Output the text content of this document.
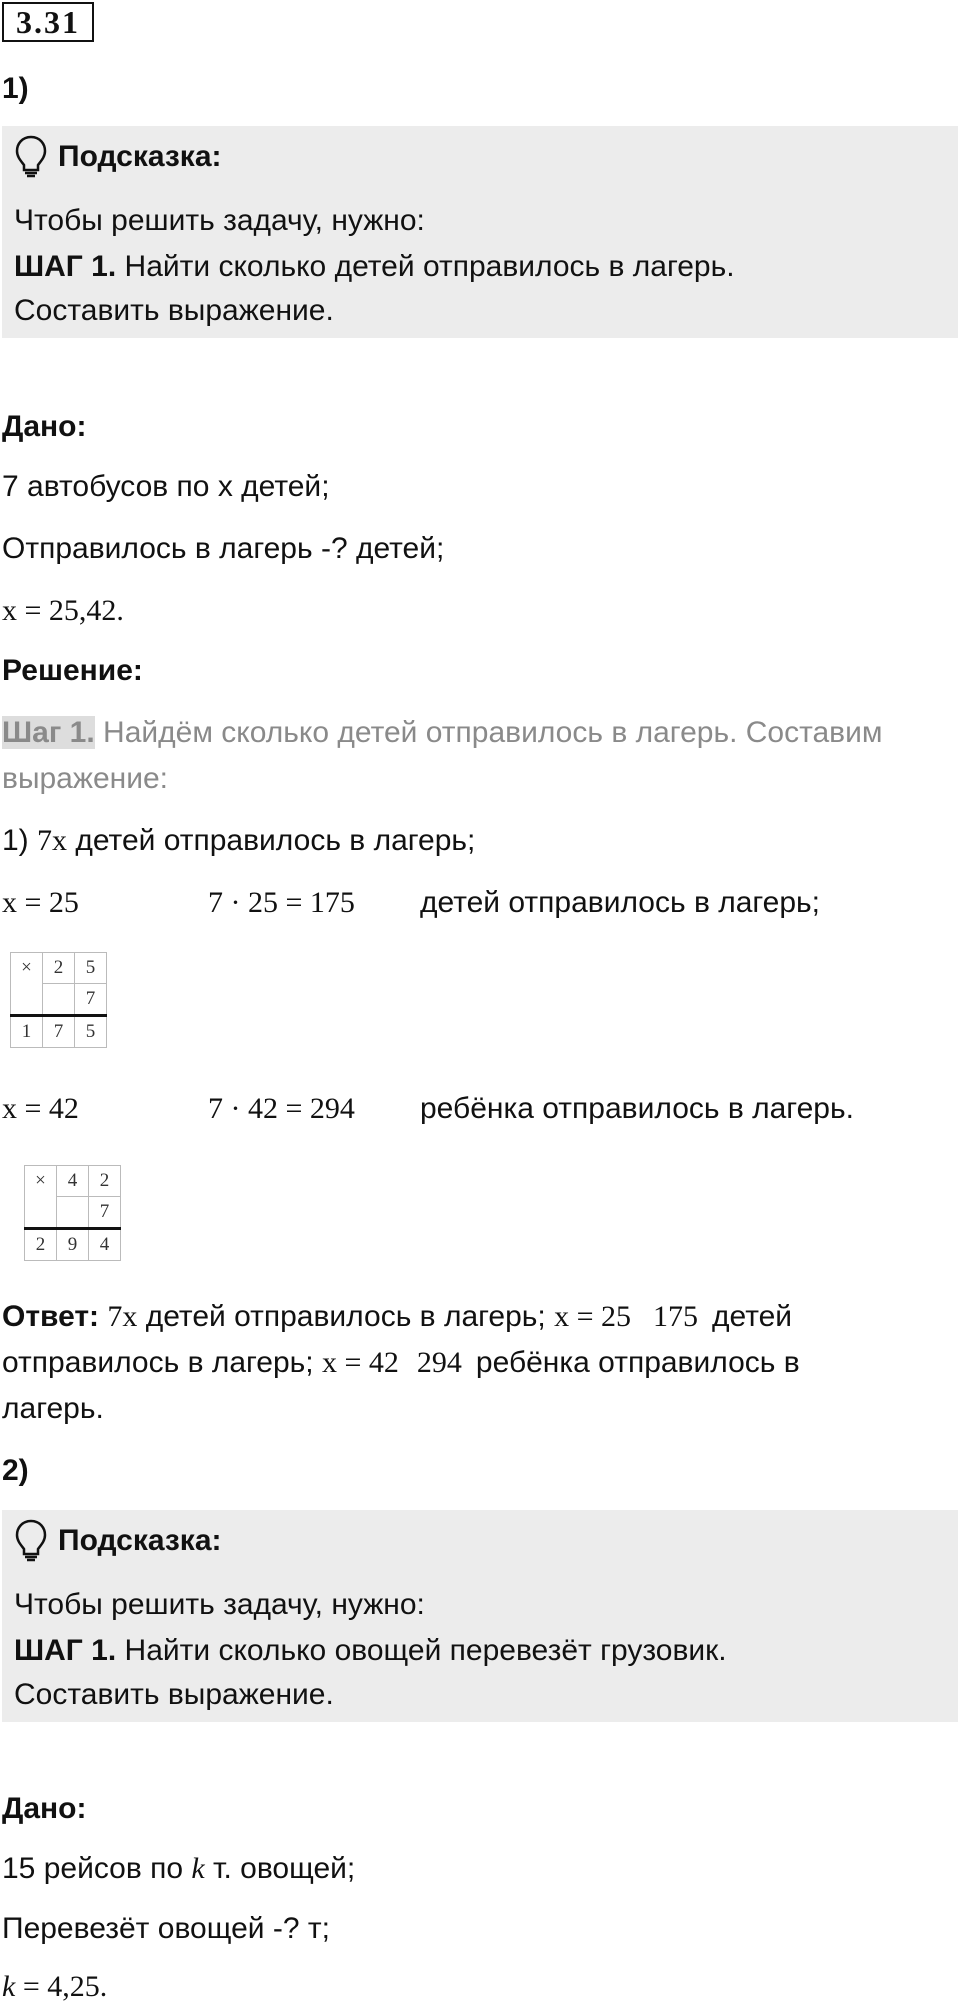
3.31
1)
Подсказка:
Чтобы решить задачу, нужно:
ШАГ 1. Найти сколько детей отправилось в лагерь.
Составить выражение.
Дано:
7 автобусов по х детей;
Отправилось в лагерь -? детей;
x = 25,42.
Решение:
Шаг 1. Найдём сколько детей отправилось в лагерь. Составим
выражение:
1) 7x детей отправилось в лагерь;
x = 25	7 · 25 = 175 детей отправилось в лагерь;
×	2	5
		7
1	7	5
x = 42	7 · 42 = 294 ребёнка отправилось в лагерь.
×	4	2
		7
2	9	4
Ответ: 7x детей отправилось в лагерь; x = 25 175 детей
отправилось в лагерь; x = 42 294 ребёнка отправилось в
лагерь.
2)
Подсказка:
Чтобы решить задачу, нужно:
ШАГ 1. Найти сколько овощей перевезёт грузовик.
Составить выражение.
Дано:
15 рейсов по k т. овощей;
Перевезёт овощей -? т;
k = 4,25.
